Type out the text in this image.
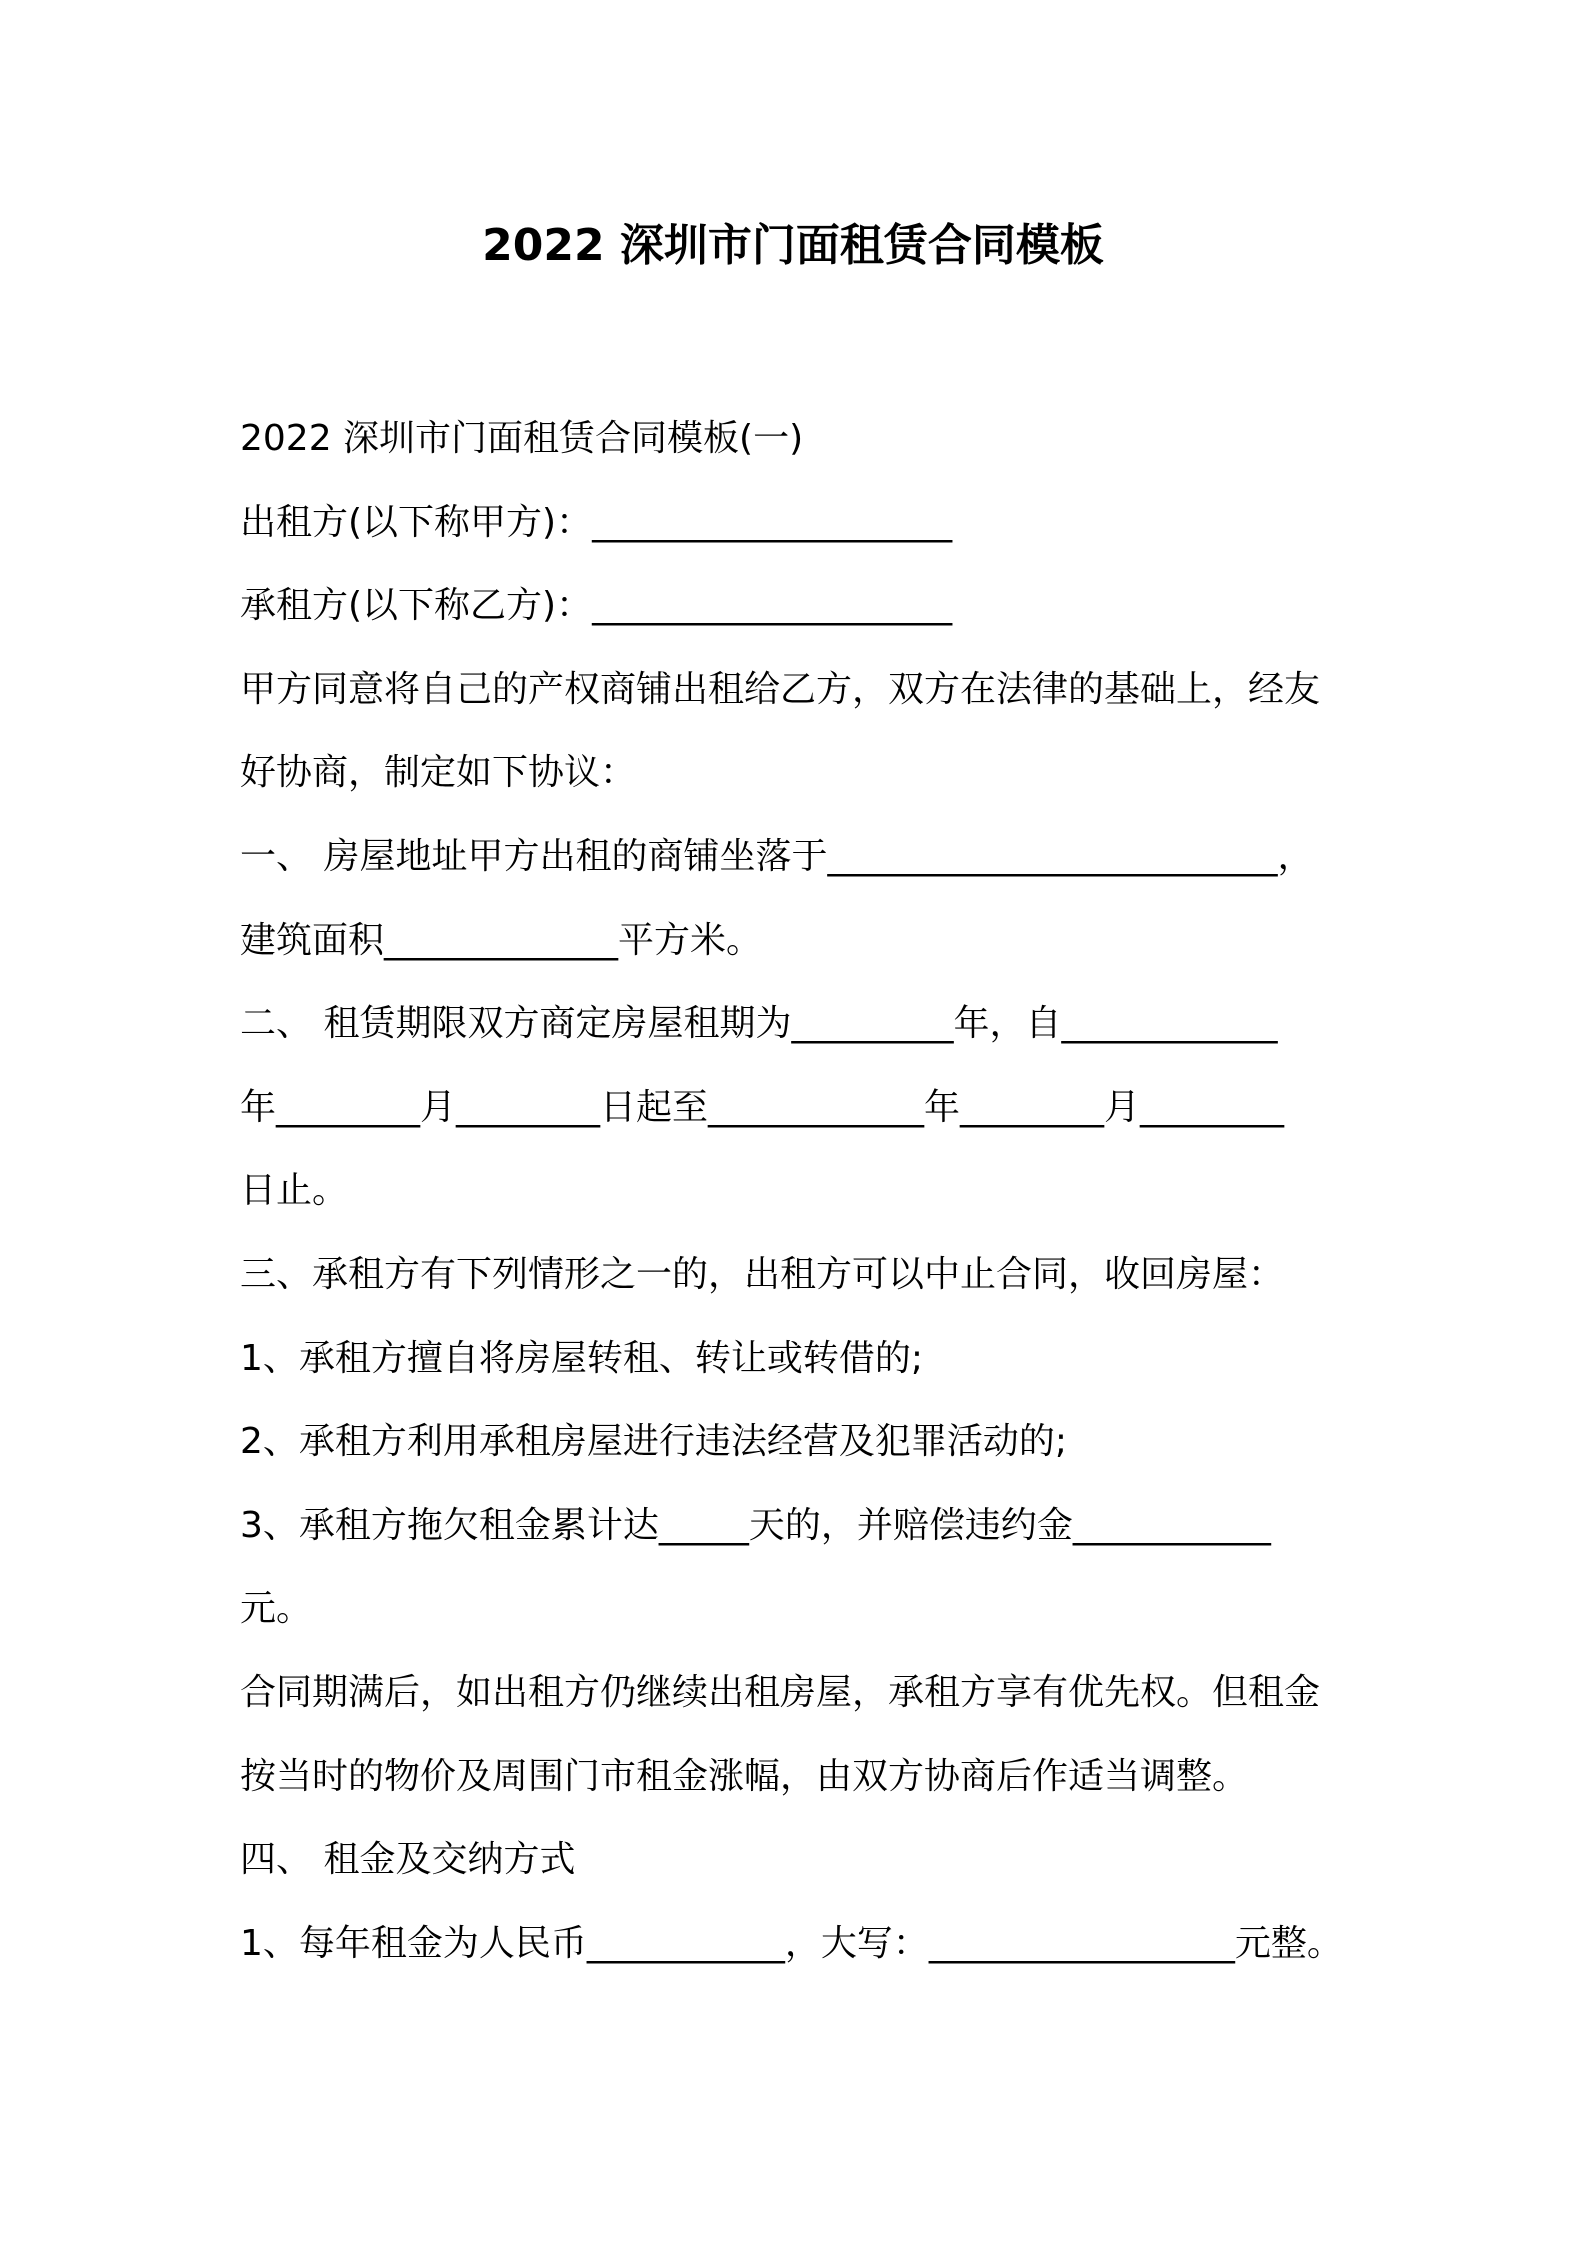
2022 深圳市门面租赁合同模板
2022 深圳市门面租赁合同模板(一)
出租方(以下称甲方)：____________________
承租方(以下称乙方)：____________________
甲方同意将自己的产权商铺出租给乙方，双方在法律的基础上，经友
好协商，制定如下协议：
一、 房屋地址甲方出租的商铺坐落于_________________________，
建筑面积_____________平方米。
二、 租赁期限双方商定房屋租期为_________年，自____________
年________月________日起至____________年________月________
日止。
三、承租方有下列情形之一的，出租方可以中止合同，收回房屋：
1、承租方擅自将房屋转租、转让或转借的;
2、承租方利用承租房屋进行违法经营及犯罪活动的;
3、承租方拖欠租金累计达_____天的，并赔偿违约金___________
元。
合同期满后，如出租方仍继续出租房屋，承租方享有优先权。但租金
按当时的物价及周围门市租金涨幅，由双方协商后作适当调整。
四、 租金及交纳方式
1、每年租金为人民币___________，大写：_________________元整。
